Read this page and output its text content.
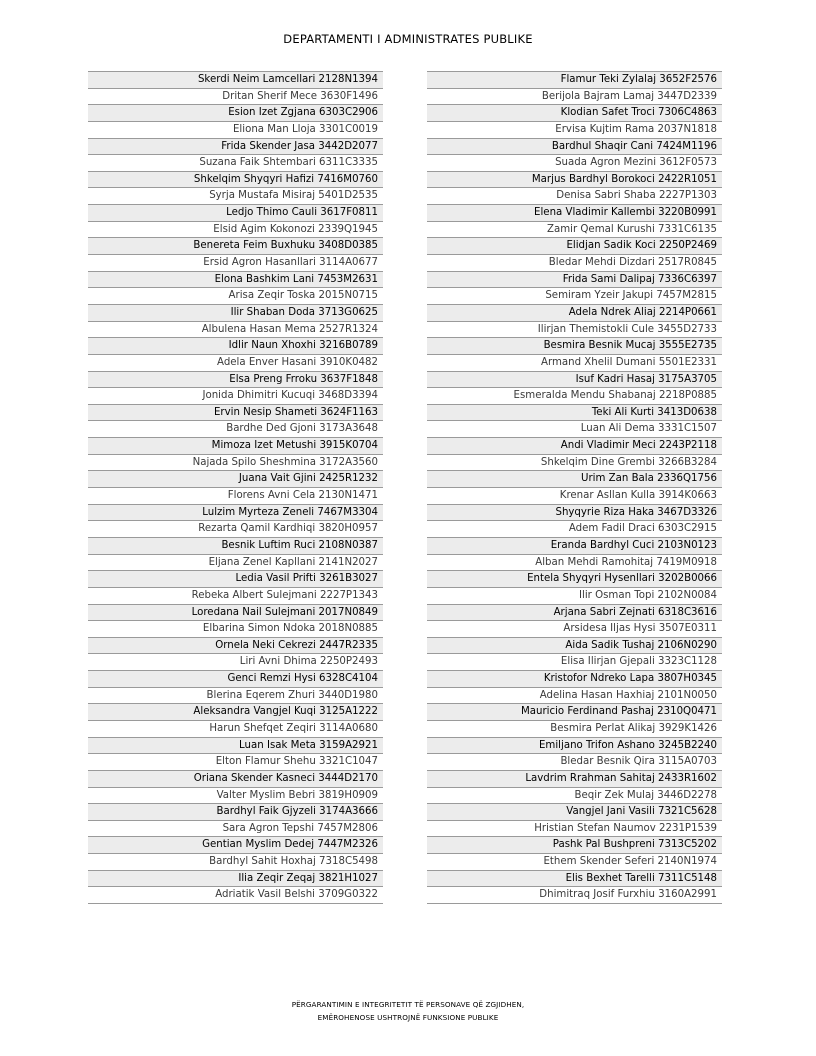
DEPARTAMENTI I ADMINISTRATES PUBLIKE
Skerdi Neim Lamcellari 2128N1394
Dritan Sherif Mece 3630F1496
Esion Izet Zgjana 6303C2906
Eliona Man Lloja 3301C0019
Frida Skender Jasa 3442D2077
Suzana Faik Shtembari 6311C3335
Shkelqim Shyqyri Hafizi 7416M0760
Syrja Mustafa Misiraj 5401D2535
Ledjo Thimo Cauli 3617F0811
Elsid Agim Kokonozi 2339Q1945
Benereta Feim Buxhuku 3408D0385
Ersid Agron Hasanllari 3114A0677
Elona Bashkim Lani 7453M2631
Arisa Zeqir Toska 2015N0715
Ilir Shaban Doda 3713G0625
Albulena Hasan Mema 2527R1324
Idlir Naun Xhoxhi 3216B0789
Adela Enver Hasani 3910K0482
Elsa Preng Frroku 3637F1848
Jonida Dhimitri Kucuqi 3468D3394
Ervin Nesip Shameti 3624F1163
Bardhe Ded Gjoni 3173A3648
Mimoza Izet Metushi 3915K0704
Najada Spilo Sheshmina 3172A3560
Juana Vait Gjini 2425R1232
Florens Avni Cela 2130N1471
Lulzim Myrteza Zeneli 7467M3304
Rezarta Qamil Kardhiqi 3820H0957
Besnik Luftim Ruci 2108N0387
Eljana Zenel Kapllani 2141N2027
Ledia Vasil Prifti 3261B3027
Rebeka Albert Sulejmani 2227P1343
Loredana Nail Sulejmani 2017N0849
Elbarina Simon Ndoka 2018N0885
Ornela Neki Cekrezi 2447R2335
Liri Avni Dhima 2250P2493
Genci Remzi Hysi 6328C4104
Blerina Eqerem Zhuri 3440D1980
Aleksandra Vangjel Kuqi 3125A1222
Harun Shefqet Zeqiri 3114A0680
Luan Isak Meta 3159A2921
Elton Flamur Shehu 3321C1047
Oriana Skender Kasneci 3444D2170
Valter Myslim Bebri 3819H0909
Bardhyl Faik Gjyzeli 3174A3666
Sara Agron Tepshi 7457M2806
Gentian Myslim Dedej 7447M2326
Bardhyl Sahit Hoxhaj 7318C5498
Ilia Zeqir Zeqaj 3821H1027
Adriatik Vasil Belshi 3709G0322
Flamur Teki Zylalaj 3652F2576
Berijola Bajram Lamaj 3447D2339
Klodian Safet Troci 7306C4863
Ervisa Kujtim Rama 2037N1818
Bardhul Shaqir Cani 7424M1196
Suada Agron Mezini 3612F0573
Marjus Bardhyl Borokoci 2422R1051
Denisa Sabri Shaba 2227P1303
Elena Vladimir Kallembi 3220B0991
Zamir Qemal Kurushi 7331C6135
Elidjan Sadik Koci 2250P2469
Bledar Mehdi Dizdari 2517R0845
Frida Sami Dalipaj 7336C6397
Semiram Yzeir Jakupi 7457M2815
Adela Ndrek Aliaj 2214P0661
Ilirjan Themistokli Cule 3455D2733
Besmira Besnik Mucaj 3555E2735
Armand Xhelil Dumani 5501E2331
Isuf Kadri Hasaj 3175A3705
Esmeralda Mendu Shabanaj 2218P0885
Teki Ali Kurti 3413D0638
Luan Ali Dema 3331C1507
Andi Vladimir Meci 2243P2118
Shkelqim Dine Grembi 3266B3284
Urim Zan Bala 2336Q1756
Krenar Asllan Kulla 3914K0663
Shyqyrie Riza Haka 3467D3326
Adem Fadil Draci 6303C2915
Eranda Bardhyl Cuci 2103N0123
Alban Mehdi Ramohitaj 7419M0918
Entela Shyqyri Hysenllari 3202B0066
Ilir Osman Topi 2102N0084
Arjana Sabri Zejnati 6318C3616
Arsidesa Iljas Hysi 3507E0311
Aida Sadik Tushaj 2106N0290
Elisa Ilirjan Gjepali 3323C1128
Kristofor Ndreko Lapa 3807H0345
Adelina Hasan Haxhiaj 2101N0050
Mauricio Ferdinand Pashaj 2310Q0471
Besmira Perlat Alikaj 3929K1426
Emiljano Trifon Ashano 3245B2240
Bledar Besnik Qira 3115A0703
Lavdrim Rrahman Sahitaj 2433R1602
Beqir Zek Mulaj 3446D2278
Vangjel Jani Vasili 7321C5628
Hristian Stefan Naumov 2231P1539
Pashk Pal Bushpreni 7313C5202
Ethem Skender Seferi 2140N1974
Elis Bexhet Tarelli 7311C5148
Dhimitraq Josif Furxhiu 3160A2991
PËRGARANTIMIN E INTEGRITETIT TË PERSONAVE QË ZGJIDHEN,
EMËROHENOSE USHTROJNË FUNKSIONE PUBLIKE
